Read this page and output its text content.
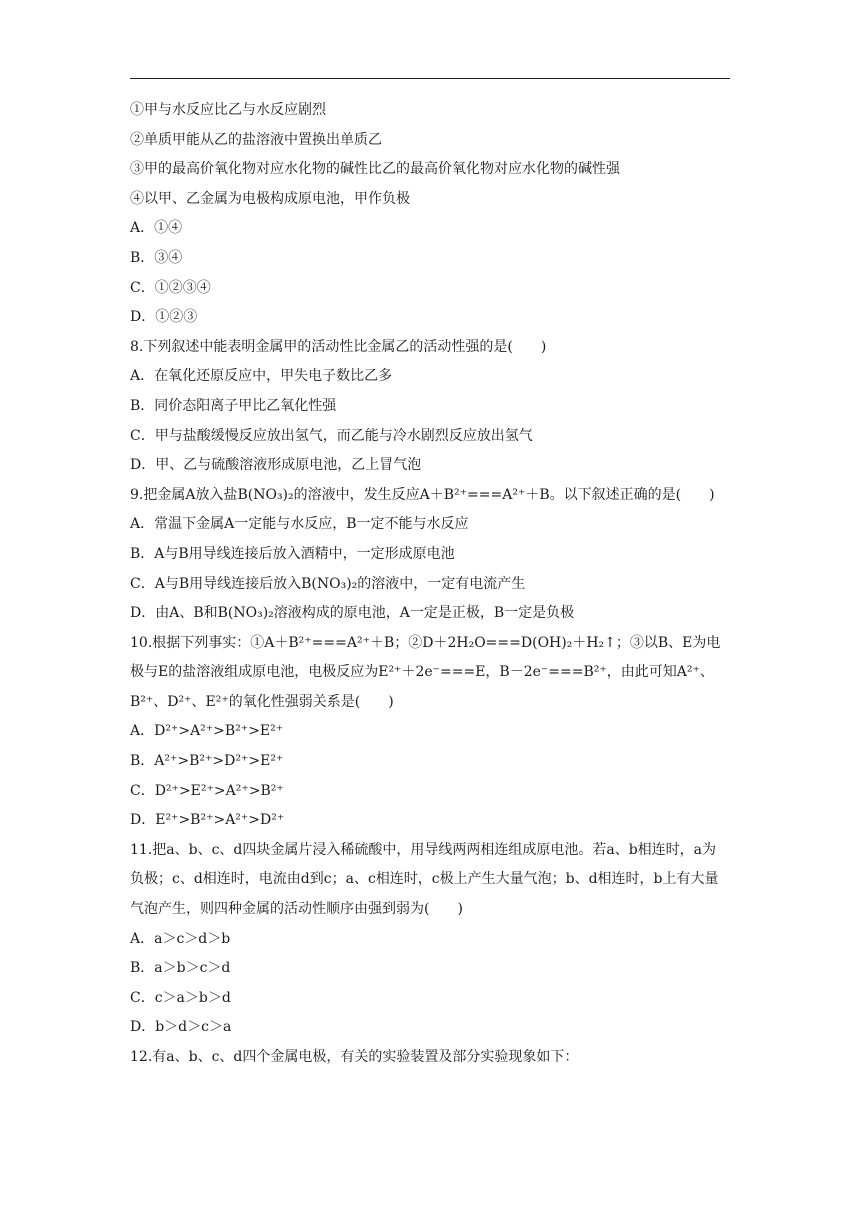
①甲与水反应比乙与水反应剧烈
②单质甲能从乙的盐溶液中置换出单质乙
③甲的最高价氧化物对应水化物的碱性比乙的最高价氧化物对应水化物的碱性强
④以甲、乙金属为电极构成原电池，甲作负极
A．①④
B．③④
C．①②③④
D．①②③
8.下列叙述中能表明金属甲的活动性比金属乙的活动性强的是(　　)
A．在氧化还原反应中，甲失电子数比乙多
B．同价态阳离子甲比乙氧化性强
C．甲与盐酸缓慢反应放出氢气，而乙能与冷水剧烈反应放出氢气
D．甲、乙与硫酸溶液形成原电池，乙上冒气泡
9.把金属A放入盐B(NO₃)₂的溶液中，发生反应A＋B²⁺===A²⁺＋B。以下叙述正确的是(　　)
A．常温下金属A一定能与水反应，B一定不能与水反应
B．A与B用导线连接后放入酒精中，一定形成原电池
C．A与B用导线连接后放入B(NO₃)₂的溶液中，一定有电流产生
D．由A、B和B(NO₃)₂溶液构成的原电池，A一定是正极，B一定是负极
10.根据下列事实：①A＋B²⁺===A²⁺＋B；②D＋2H₂O===D(OH)₂＋H₂↑；③以B、E为电极与E的盐溶液组成原电池，电极反应为E²⁺＋2e⁻===E，B－2e⁻===B²⁺，由此可知A²⁺、B²⁺、D²⁺、E²⁺的氧化性强弱关系是(　　)
A．D²⁺>A²⁺>B²⁺>E²⁺
B．A²⁺>B²⁺>D²⁺>E²⁺
C．D²⁺>E²⁺>A²⁺>B²⁺
D．E²⁺>B²⁺>A²⁺>D²⁺
11.把a、b、c、d四块金属片浸入稀硫酸中，用导线两两相连组成原电池。若a、b相连时，a为负极；c、d相连时，电流由d到c；a、c相连时，c极上产生大量气泡；b、d相连时，b上有大量气泡产生，则四种金属的活动性顺序由强到弱为(　　)
A．a＞c＞d＞b
B．a＞b＞c＞d
C．c＞a＞b＞d
D．b＞d＞c＞a
12.有a、b、c、d四个金属电极，有关的实验装置及部分实验现象如下：
